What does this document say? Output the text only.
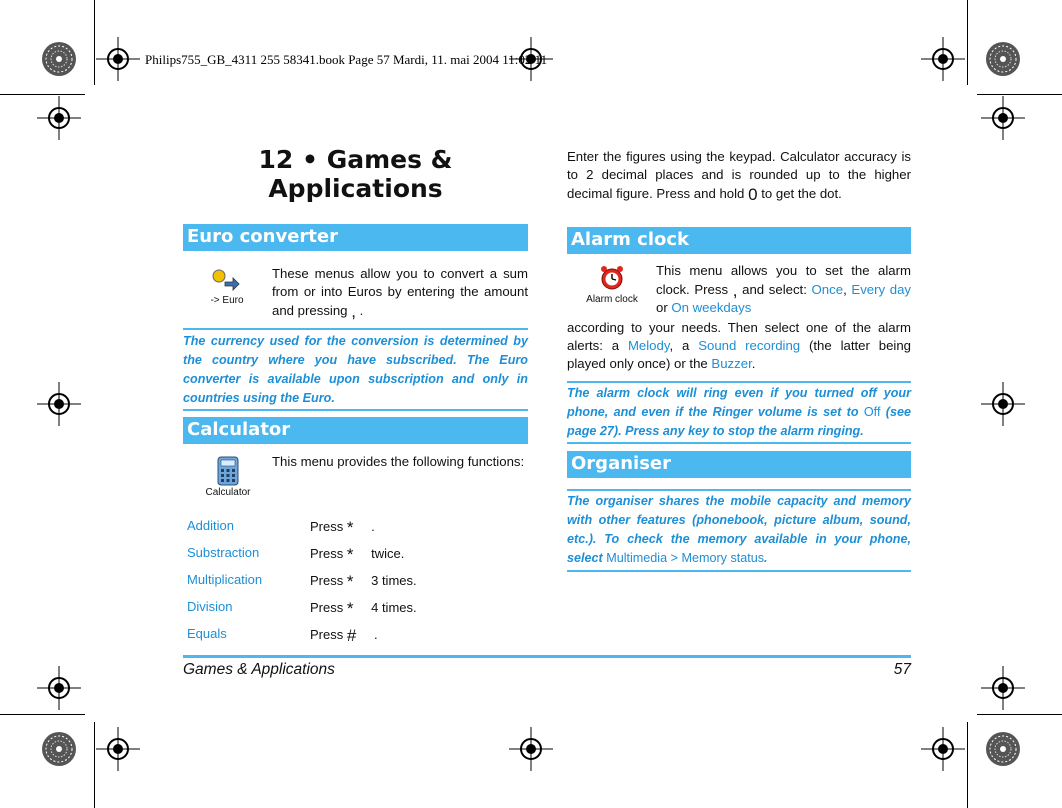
Philips755_GB_4311 255 58341.book Page 57 Mardi, 11. mai 2004 11:02 11
12 • Games &
Applications
Euro converter
-> Euro
These menus allow you to convert a sum from or into Euros by entering the amount and pressing , .
The currency used for the conversion is determined by the country where you have subscribed. The Euro converter is available upon subscription and only in countries using the Euro.
Calculator
Calculator
This menu provides the following functions:
Addition	Press * .
Substraction	Press * twice.
Multiplication	Press * 3 times.
Division	Press * 4 times.
Equals	Press # .
Enter the figures using the keypad. Calculator accuracy is to 2 decimal places and is rounded up to the higher decimal figure. Press and hold 0 to get the dot.
Alarm clock
Alarm clock
This menu allows you to set the alarm clock. Press , and select: Once, Every day or On weekdays
according to your needs. Then select one of the alarm alerts: a Melody, a Sound recording (the latter being played only once) or the Buzzer.
The alarm clock will ring even if you turned off your phone, and even if the Ringer volume is set to Off (see page 27). Press any key to stop the alarm ringing.
Organiser
The organiser shares the mobile capacity and memory with other features (phonebook, picture album, sound, etc.). To check the memory available in your phone, select Multimedia > Memory status.
Games & Applications	57
